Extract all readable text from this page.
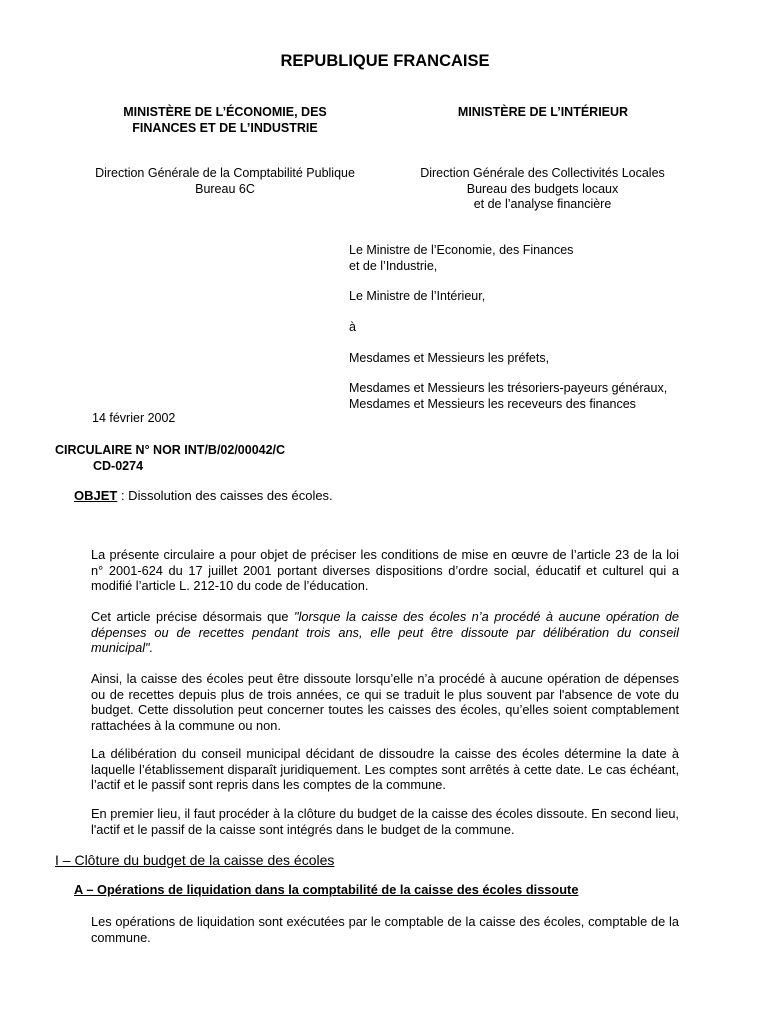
REPUBLIQUE FRANCAISE
MINISTÈRE DE L’ÉCONOMIE, DES
FINANCES ET DE L’INDUSTRIE
MINISTÈRE DE L’INTÉRIEUR
Direction Générale de la Comptabilité Publique
Bureau 6C
Direction Générale des Collectivités Locales
Bureau des budgets locaux
et de l’analyse financière
Le Ministre de l’Economie, des Finances
et de l’Industrie,
Le Ministre de l’Intérieur,
à
Mesdames et Messieurs les préfets,
Mesdames et Messieurs les trésoriers-payeurs généraux,
Mesdames et Messieurs les receveurs des finances
14 février 2002
CIRCULAIRE N° NOR INT/B/02/00042/C
CD-0274
OBJET : Dissolution des caisses des écoles.
La présente circulaire a pour objet de préciser les conditions de mise en œuvre de l’article 23 de la loi n° 2001-624 du 17 juillet 2001 portant diverses dispositions d’ordre social, éducatif et culturel qui a modifié l’article L. 212-10 du code de l’éducation.
Cet article précise désormais que "lorsque la caisse des écoles n’a procédé à aucune opération de dépenses ou de recettes pendant trois ans, elle peut être dissoute par délibération du conseil municipal".
Ainsi, la caisse des écoles peut être dissoute lorsqu’elle n’a procédé à aucune opération de dépenses ou de recettes depuis plus de trois années, ce qui se traduit le plus souvent par l'absence de vote du budget. Cette dissolution peut concerner toutes les caisses des écoles, qu’elles soient comptablement rattachées à la commune ou non.
La délibération du conseil municipal décidant de dissoudre la caisse des écoles détermine la date à laquelle l’établissement disparaît juridiquement. Les comptes sont arrêtés à cette date. Le cas échéant, l’actif et le passif sont repris dans les comptes de la commune.
En premier lieu, il faut procéder à la clôture du budget de la caisse des écoles dissoute. En second lieu, l'actif et le passif de la caisse sont intégrés dans le budget de la commune.
I – Clôture du budget de la caisse des écoles
A – Opérations de liquidation dans la comptabilité de la caisse des écoles dissoute
Les opérations de liquidation sont exécutées par le comptable de la caisse des écoles, comptable de la commune.
